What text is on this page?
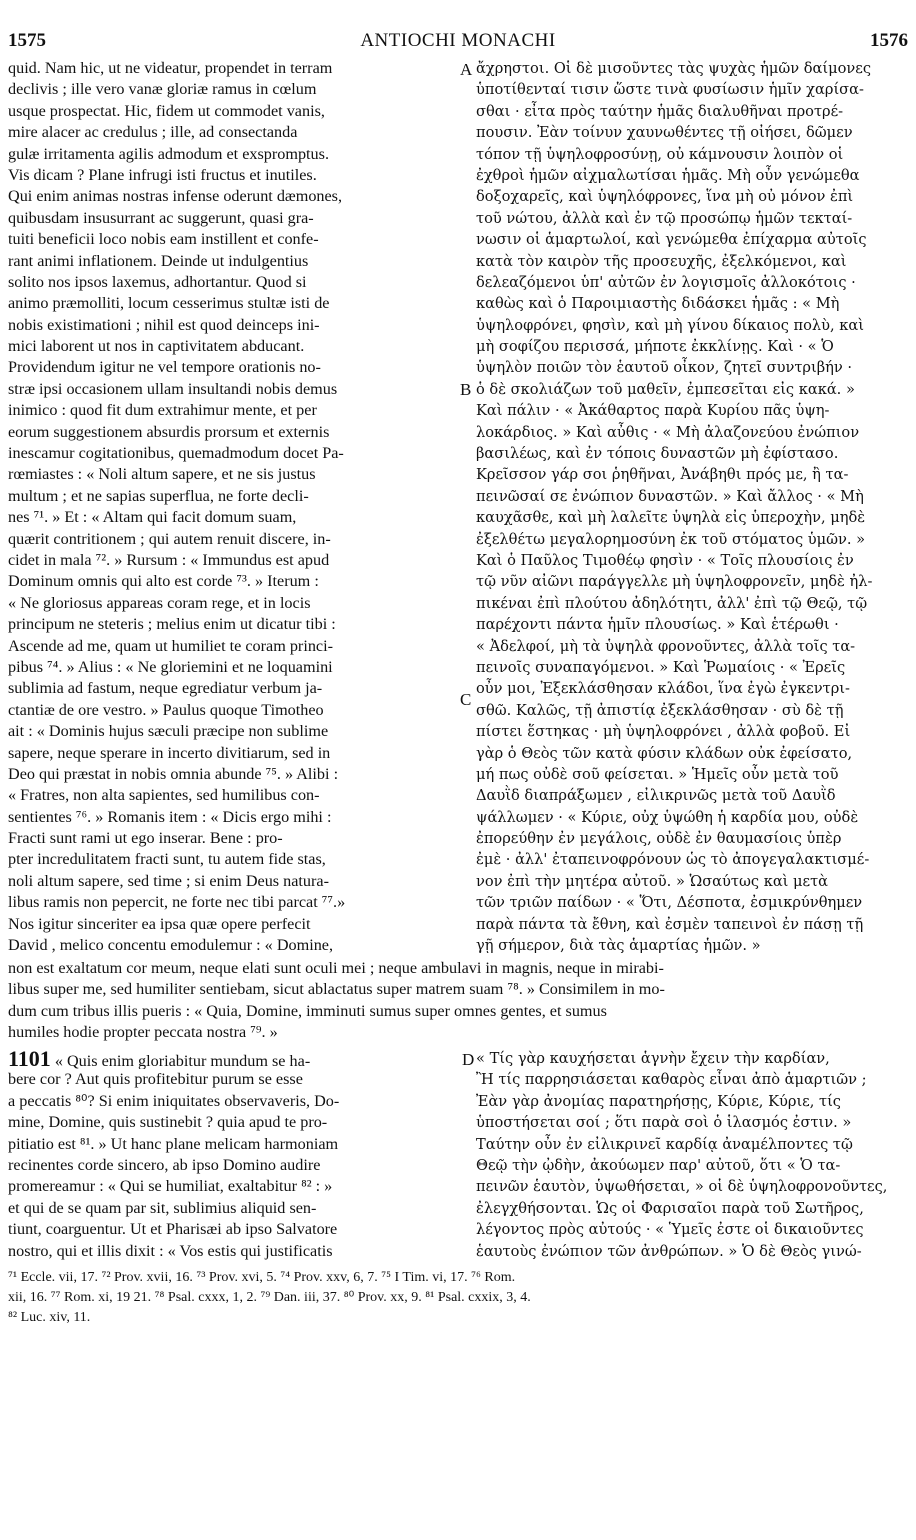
ANTIOCHI MONACHI
1575	1576
quid. Nam hic, ut ne videatur, propendet in terram
declivis ; ille vero vanæ gloriæ ramus in cœlum
usque prospectat. Hic, fidem ut commodet vanis,
mire alacer ac credulus ; ille, ad consectanda
gulæ irritamenta agilis admodum et exspromptus.
Vis dicam ? Plane infrugi isti fructus et inutiles.
Qui enim animas nostras infense oderunt dæmones,
quibusdam insusurrant ac suggerunt, quasi gra-
tuiti beneficii loco nobis eam instillent et confe-
rant animi inflationem. Deinde ut indulgentius
solito nos ipsos laxemus, adhortantur. Quod si
animo præmolliti, locum cesserimus stultæ isti de
nobis existimationi ; nihil est quod deinceps ini-
mici laborent ut nos in captivitatem abducant.
Providendum igitur ne vel tempore orationis no-
stræ ipsi occasionem ullam insultandi nobis demus
inimico : quod fit dum extrahimur mente, et per
eorum suggestionem absurdis prorsum et externis
inescamur cogitationibus, quemadmodum docet Pa-
rœmiastes : « Noli altum sapere, et ne sis justus
multum ; et ne sapias superflua, ne forte decli-
nes ⁷¹. » Et : « Altam qui facit domum suam,
quærit contritionem ; qui autem renuit discere, in-
cidet in mala ⁷². » Rursum : « Immundus est apud
Dominum omnis qui alto est corde ⁷³. » Iterum :
« Ne gloriosus appareas coram rege, et in locis
principum ne steteris ; melius enim ut dicatur tibi :
Ascende ad me, quam ut humiliet te coram princi-
pibus ⁷⁴. » Alius : « Ne gloriemini et ne loquamini
sublimia ad fastum, neque egrediatur verbum ja-
ctantiæ de ore vestro. » Paulus quoque Timotheo
ait : « Dominis hujus sæculi præcipe non sublime
sapere, neque sperare in incerto divitiarum, sed in
Deo qui præstat in nobis omnia abunde ⁷⁵. » Alibi :
« Fratres, non alta sapientes, sed humilibus con-
sentientes ⁷⁶. » Romanis item : « Dicis ergo mihi :
Fracti sunt rami ut ego inserar. Bene : pro-
pter incredulitatem fracti sunt, tu autem fide stas,
noli altum sapere, sed time ; si enim Deus natura-
libus ramis non pepercit, ne forte nec tibi parcat ⁷⁷.»
Nos igitur sinceriter ea ipsa quæ opere perfecit
David , melico concentu emodulemur : « Domine,
ἄχρηστοι. Οἱ δὲ μισοῦντες τὰς ψυχὰς ἡμῶν δαίμονες
ὑποτίθενταί τισιν ὥστε τινὰ φυσίωσιν ἡμῖν χαρίσα-
σθαι · εἶτα πρὸς ταύτην ἡμᾶς διαλυθῆναι προτρέ-
πουσιν. Ἐὰν τοίνυν χαυνωθέντες τῇ οἰήσει, δῶμεν
τόπον τῇ ὑψηλοφροσύνῃ, οὐ κάμνουσιν λοιπὸν οἱ
ἐχθροὶ ἡμῶν αἰχμαλωτίσαι ἡμᾶς. Μὴ οὖν γενώμεθα
δοξοχαρεῖς, καὶ ὑψηλόφρονες, ἵνα μὴ οὐ μόνον ἐπὶ
τοῦ νώτου, ἀλλὰ καὶ ἐν τῷ προσώπῳ ἡμῶν τεκταί-
νωσιν οἱ ἁμαρτωλοί, καὶ γενώμεθα ἐπίχαρμα αὐτοῖς
κατὰ τὸν καιρὸν τῆς προσευχῆς, ἐξελκόμενοι, καὶ
δελεαζόμενοι ὑπ' αὐτῶν ἐν λογισμοῖς ἀλλοκότοις ·
καθὼς καὶ ὁ Παροιμιαστὴς διδάσκει ἡμᾶς : « Μὴ
ὑψηλοφρόνει, φησὶν, καὶ μὴ γίνου δίκαιος πολὺ, καὶ
μὴ σοφίζου περισσά, μήποτε ἐκκλίνῃς. Καὶ · « Ὁ
ὑψηλὸν ποιῶν τὸν ἑαυτοῦ οἶκον, ζητεῖ συντριβήν ·
ὁ δὲ σκολιάζων τοῦ μαθεῖν, ἐμπεσεῖται εἰς κακά. »
Καὶ πάλιν · « Ἀκάθαρτος παρὰ Κυρίου πᾶς ὑψη-
λοκάρδιος. » Καὶ αὖθις · « Μὴ ἀλαζονεύου ἐνώπιον
βασιλέως, καὶ ἐν τόποις δυναστῶν μὴ ἐφίστασο.
Κρεῖσσον γάρ σοι ῥηθῆναι, Ἀνάβηθι πρός με, ἢ τα-
πεινῶσαί σε ἐνώπιον δυναστῶν. » Καὶ ἄλλος · « Μὴ
καυχᾶσθε, καὶ μὴ λαλεῖτε ὑψηλὰ εἰς ὑπεροχὴν, μηδὲ
ἐξελθέτω μεγαλορημοσύνη ἐκ τοῦ στόματος ὑμῶν. »
Καὶ ὁ Παῦλος Τιμοθέῳ φησὶν · « Τοῖς πλουσίοις ἐν
τῷ νῦν αἰῶνι παράγγελλε μὴ ὑψηλοφρονεῖν, μηδὲ ἠλ-
πικέναι ἐπὶ πλούτου ἀδηλότητι, ἀλλ' ἐπὶ τῷ Θεῷ, τῷ
παρέχοντι πάντα ἡμῖν πλουσίως. » Καὶ ἑτέρωθι ·
« Ἀδελφοί, μὴ τὰ ὑψηλὰ φρονοῦντες, ἀλλὰ τοῖς τα-
πεινοῖς συναπαγόμενοι. » Καὶ Ῥωμαίοις · « Ἐρεῖς
οὖν μοι, Ἐξεκλάσθησαν κλάδοι, ἵνα ἐγὼ ἐγκεντρι-
σθῶ. Καλῶς, τῇ ἀπιστίᾳ ἐξεκλάσθησαν · σὺ δὲ τῇ
πίστει ἕστηκας · μὴ ὑψηλοφρόνει , ἀλλὰ φοβοῦ. Εἰ
γὰρ ὁ Θεὸς τῶν κατὰ φύσιν κλάδων οὐκ ἐφείσατο,
μή πως οὐδὲ σοῦ φείσεται. » Ἡμεῖς οὖν μετὰ τοῦ
Δαυῒδ διαπράξωμεν , εἰλικρινῶς μετὰ τοῦ Δαυῒδ
ψάλλωμεν · « Κύριε, οὐχ ὑψώθη ἡ καρδία μου, οὐδὲ
ἐπορεύθην ἐν μεγάλοις, οὐδὲ ἐν θαυμασίοις ὑπὲρ
ἐμὲ · ἀλλ' ἐταπεινοφρόνουν ὡς τὸ ἀπογεγαλακτισμέ-
νον ἐπὶ τὴν μητέρα αὐτοῦ. » Ὡσαύτως καὶ μετὰ
τῶν τριῶν παίδων · « Ὅτι, Δέσποτα, ἐσμικρύνθημεν
παρὰ πάντα τὰ ἔθνη, καὶ ἐσμὲν ταπεινοὶ ἐν πάσῃ τῇ
γῇ σήμερον, διὰ τὰς ἁμαρτίας ἡμῶν. »
A
B
C
non est exaltatum cor meum, neque elati sunt oculi mei ; neque ambulavi in magnis, neque in mirabi-
libus super me, sed humiliter sentiebam, sicut ablactatus super matrem suam ⁷⁸. » Consimilem in mo-
dum cum tribus illis pueris : « Quia, Domine, imminuti sumus super omnes gentes, et sumus
humiles hodie propter peccata nostra ⁷⁹. »
1101 « Quis enim gloriabitur mundum se ha-
bere cor ? Aut quis profitebitur purum se esse
a peccatis ⁸⁰? Si enim iniquitates observaveris, Do-
mine, Domine, quis sustinebit ? quia apud te pro-
pitiatio est ⁸¹. » Ut hanc plane melicam harmoniam
recinentes corde sincero, ab ipso Domino audire
promereamur : « Qui se humiliat, exaltabitur ⁸² : »
et qui de se quam par sit, sublimius aliquid sen-
tiunt, coarguentur. Ut et Pharisæi ab ipso Salvatore
nostro, qui et illis dixit : « Vos estis qui justificatis
D « Τίς γὰρ καυχήσεται ἁγνὴν ἔχειν τὴν καρδίαν,
Ἢ τίς παρρησιάσεται καθαρὸς εἶναι ἀπὸ ἁμαρτιῶν ;
Ἐὰν γὰρ ἀνομίας παρατηρήσῃς, Κύριε, Κύριε, τίς
ὑποστήσεται σοί ; ὅτι παρὰ σοὶ ὁ ἱλασμός ἐστιν. »
Ταύτην οὖν ἐν εἰλικρινεῖ καρδίᾳ ἀναμέλποντες τῷ
Θεῷ τὴν ᾠδὴν, ἀκούωμεν παρ' αὐτοῦ, ὅτι « Ὁ τα-
πεινῶν ἑαυτὸν, ὑψωθήσεται, » οἱ δὲ ὑψηλοφρονοῦντες,
ἐλεγχθήσονται. Ὡς οἱ Φαρισαῖοι παρὰ τοῦ Σωτῆρος,
λέγοντος πρὸς αὐτούς · « Ὑμεῖς ἐστε οἱ δικαιοῦντες
ἑαυτοὺς ἐνώπιον τῶν ἀνθρώπων. » Ὁ δὲ Θεὸς γινώ-
⁷¹ Eccle. vii, 17. ⁷² Prov. xvii, 16. ⁷³ Prov. xvi, 5. ⁷⁴ Prov. xxv, 6, 7. ⁷⁵ I Tim. vi, 17. ⁷⁶ Rom.
xii, 16. ⁷⁷ Rom. xi, 19 21. ⁷⁸ Psal. cxxx, 1, 2. ⁷⁹ Dan. iii, 37. ⁸⁰ Prov. xx, 9. ⁸¹ Psal. cxxix, 3, 4.
⁸² Luc. xiv, 11.
